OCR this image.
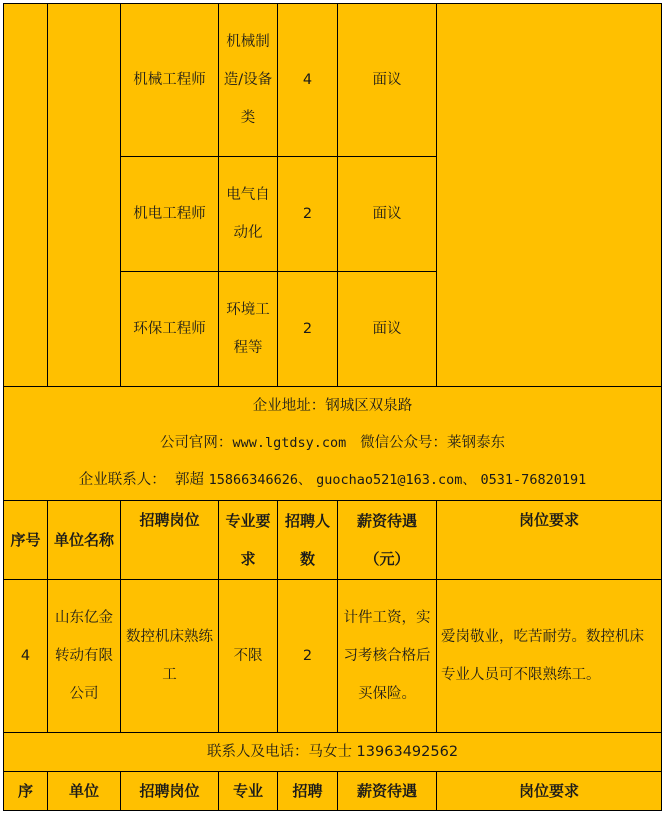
		机械工程师	机械制造/设备类	4	面议	
		机电工程师	电气自动化	2	面议	
		环保工程师	环境工程等	2	面议	

企业地址：钢城区双泉路
公司官网：www.lgtdsy.com 微信公众号：莱钢泰东
企业联系人： 郭超 15866346626、 guochao521@163.com、 0531-76820191						

序号	单位名称	招聘岗位	专业要求	招聘人数	薪资待遇（元）	岗位要求
4	山东亿金转动有限公司	数控机床熟练工	不限	2	计件工资，实习考核合格后买保险。	爱岗敬业，吃苦耐劳。数控机床专业人员可不限熟练工。
联系人及电话：马女士 13963492562						
序	单位	招聘岗位	专业	招聘	薪资待遇	岗位要求
